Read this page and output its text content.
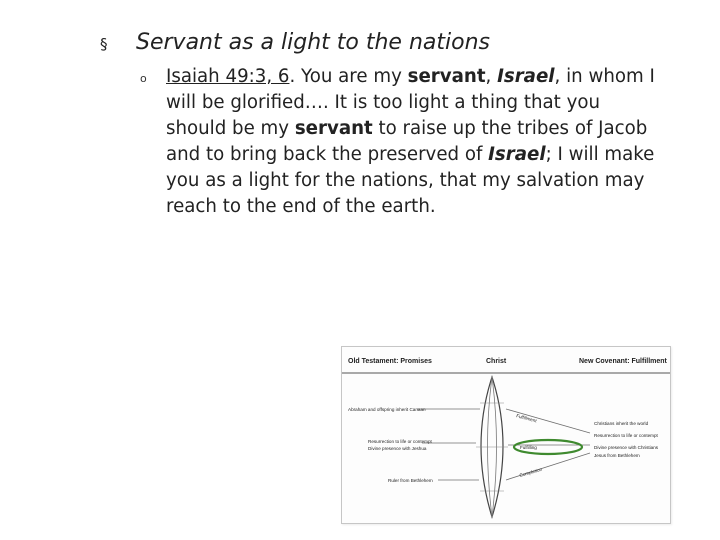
§	Servant as a light to the nations
o	Isaiah 49:3, 6. You are my servant, Israel, in whom I will be glorified…. It is too light a thing that you should be my servant to raise up the tribes of Jacob and to bring back the preserved of Israel; I will make you as a light for the nations, that my salvation may reach to the end of the earth.

Old Testament: Promises	Christ	New Covenant: Fulfillment
Abraham and offspring inherit Canaan
Resurrection to life or contempt
Divine presence with Jeshua
Ruler from Bethlehem
Fulfillment
Completion
Fulfilling
Christians inherit the world
Resurrection to life or contempt
Divine presence with Christians
Jesus from Bethlehem
